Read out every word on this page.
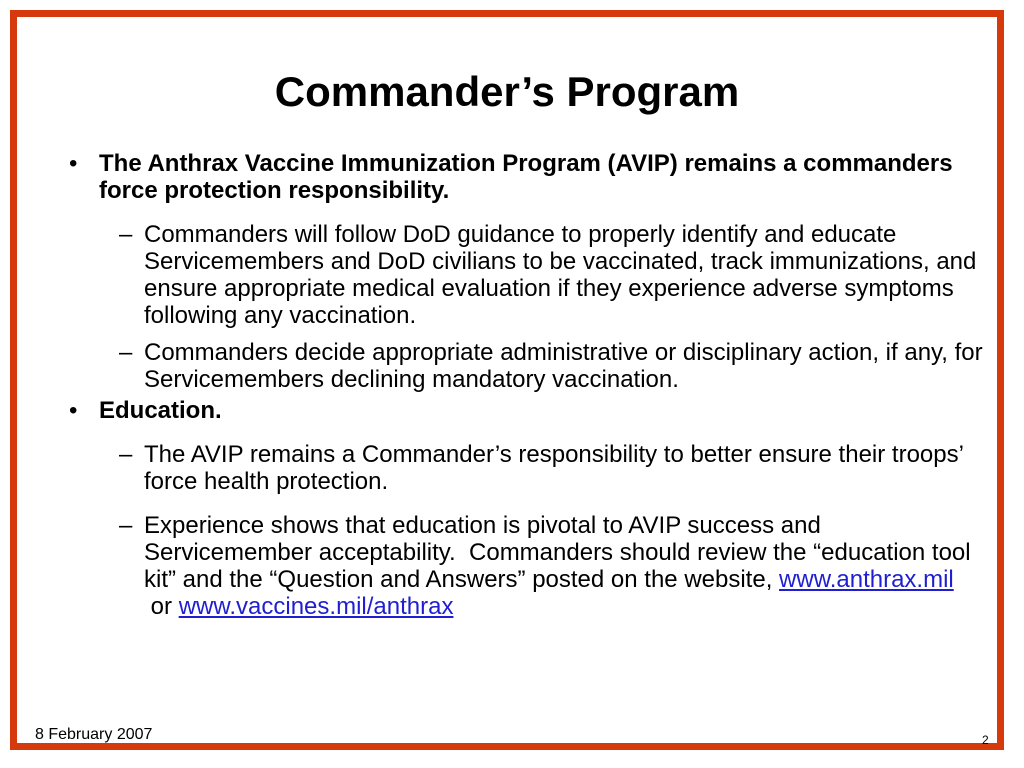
Commander’s Program
• The Anthrax Vaccine Immunization Program (AVIP) remains a commanders force protection responsibility.
– Commanders will follow DoD guidance to properly identify and educate Servicemembers and DoD civilians to be vaccinated, track immunizations, and ensure appropriate medical evaluation if they experience adverse symptoms following any vaccination.
– Commanders decide appropriate administrative or disciplinary action, if any, for Servicemembers declining mandatory vaccination.
• Education.
– The AVIP remains a Commander’s responsibility to better ensure their troops’ force health protection.
– Experience shows that education is pivotal to AVIP success and Servicemember acceptability.  Commanders should review the “education tool kit” and the “Question and Answers” posted on the website, www.anthrax.mil or www.vaccines.mil/anthrax
8 February 2007	2
